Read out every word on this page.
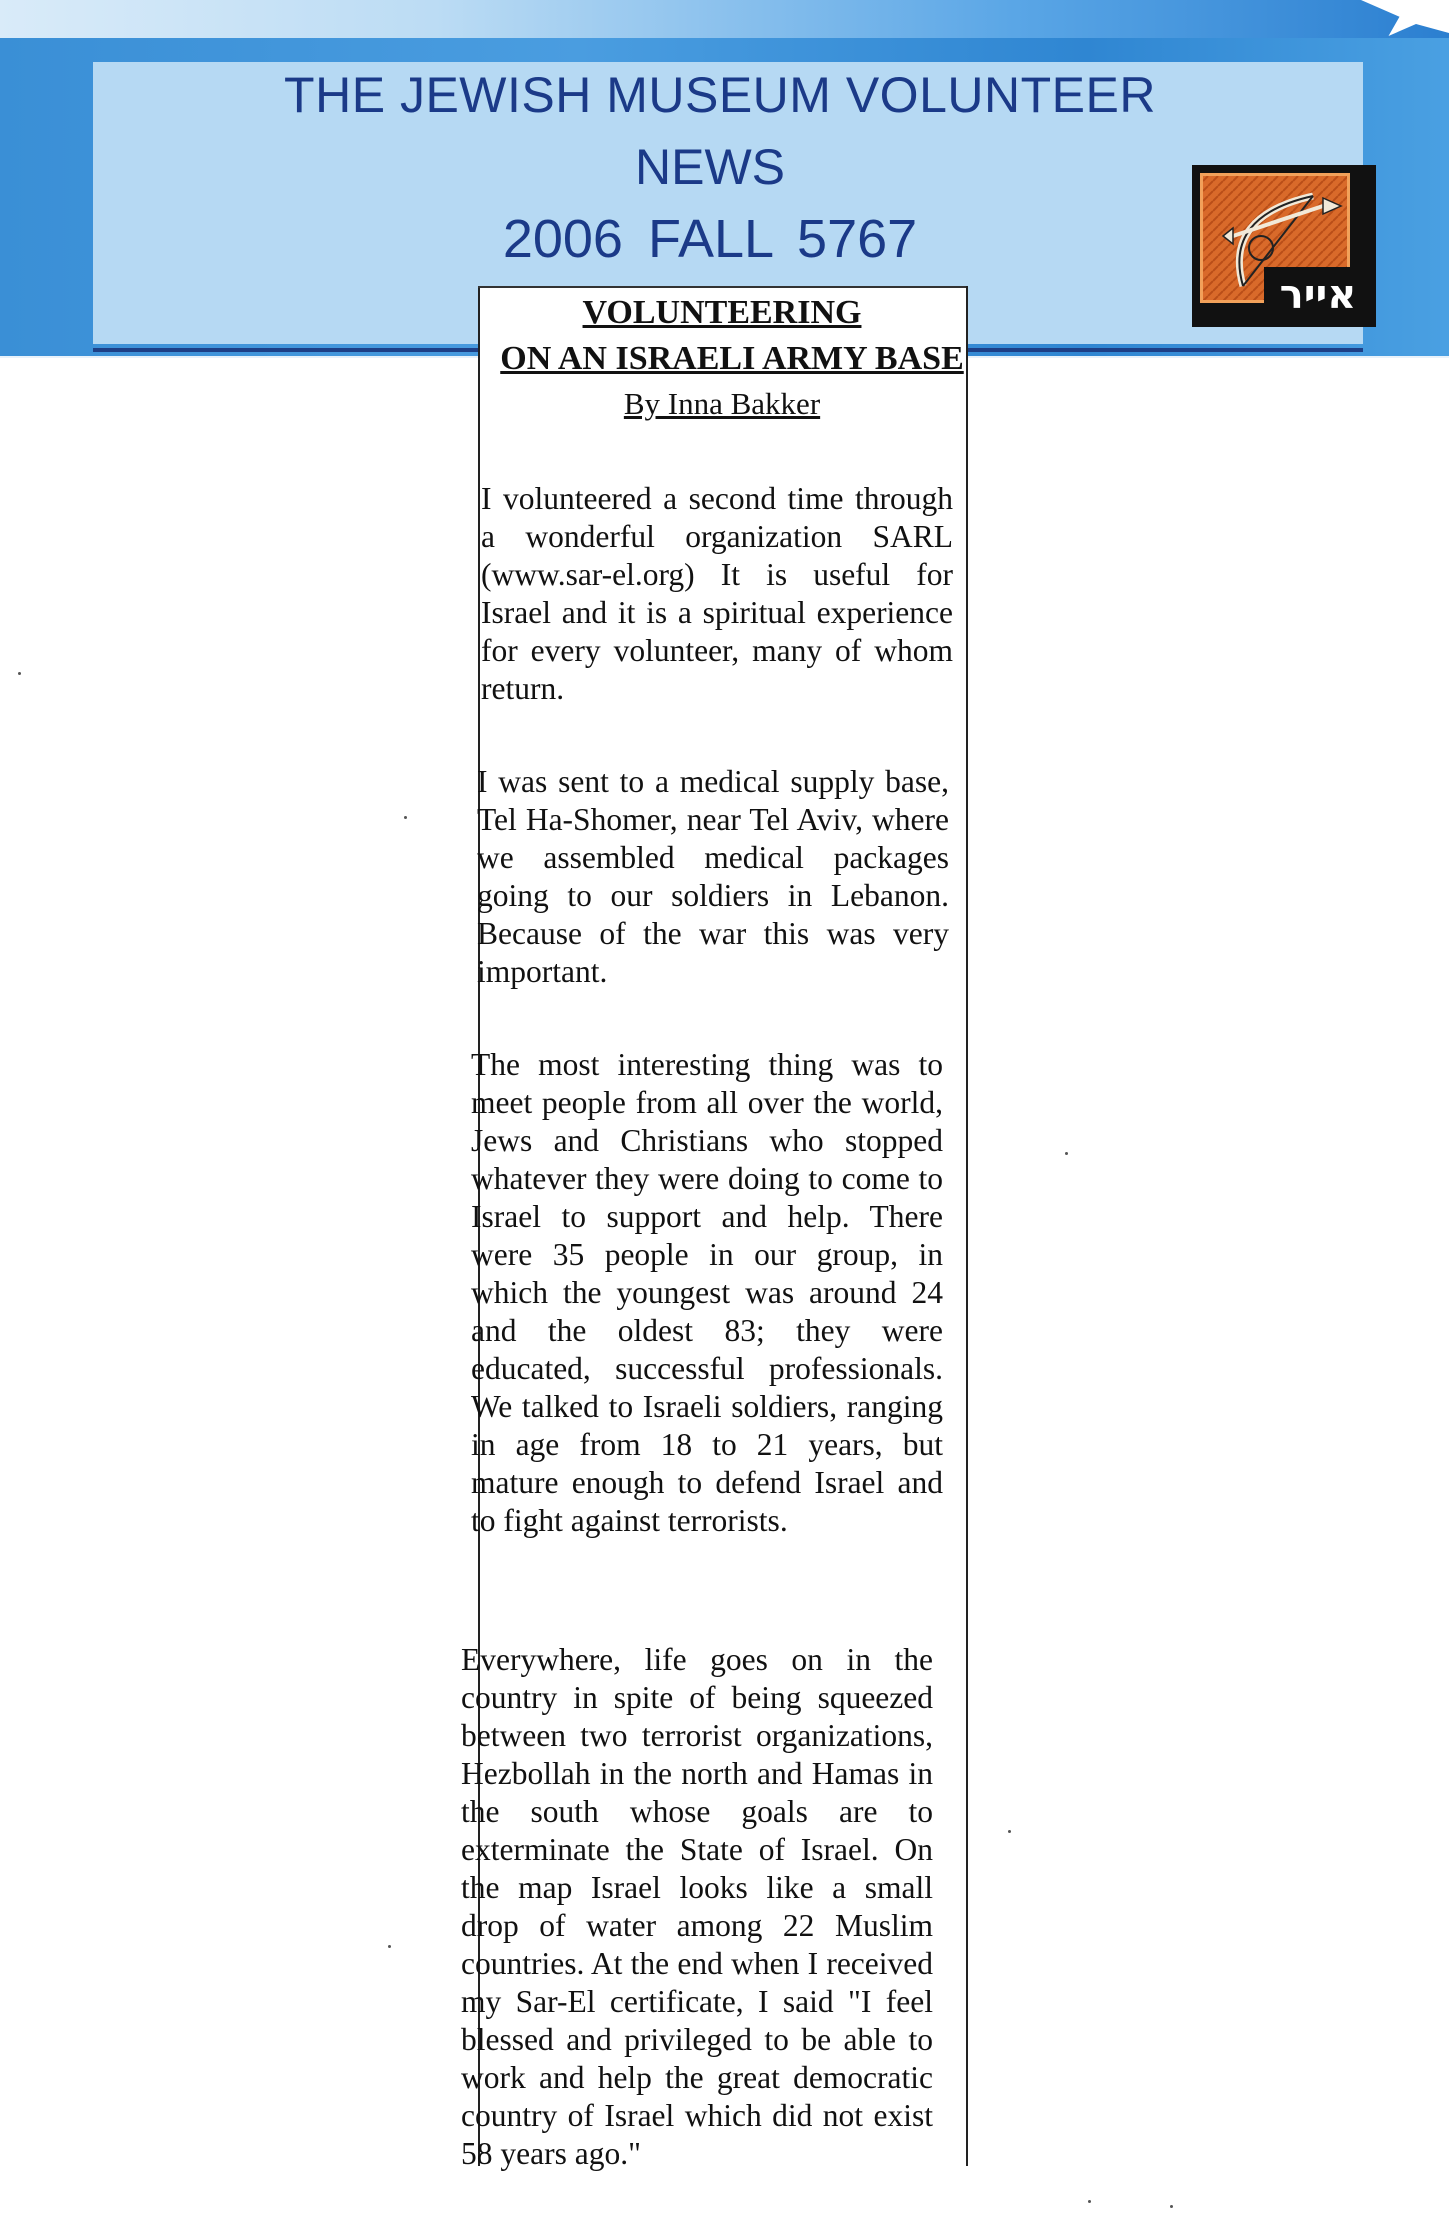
THE JEWISH MUSEUM VOLUNTEER
NEWS
2006 FALL 5767
אייר
VOLUNTEERING
ON AN ISRAELI ARMY BASE

By Inna Bakker

I volunteered a second time through a wonderful organization SARL (www.sar-el.org) It is useful for Israel and it is a spiritual experience for every volunteer, many of whom return.

I was sent to a medical supply base, Tel Ha-Shomer, near Tel Aviv, where we assembled medical packages going to our soldiers in Lebanon. Because of the war this was very important.

The most interesting thing was to meet people from all over the world, Jews and Christians who stopped whatever they were doing to come to Israel to support and help. There were 35 people in our group, in which the youngest was around 24 and the oldest 83; they were educated, successful professionals. We talked to Israeli soldiers, ranging in age from 18 to 21 years, but mature enough to defend Israel and to fight against terrorists.

Everywhere, life goes on in the country in spite of being squeezed between two terrorist organizations, Hezbollah in the north and Hamas in the south whose goals are to exterminate the State of Israel. On the map Israel looks like a small drop of water among 22 Muslim countries. At the end when I received my Sar-El certificate, I said "I feel blessed and privileged to be able to work and help the great democratic country of Israel which did not exist 58 years ago."
